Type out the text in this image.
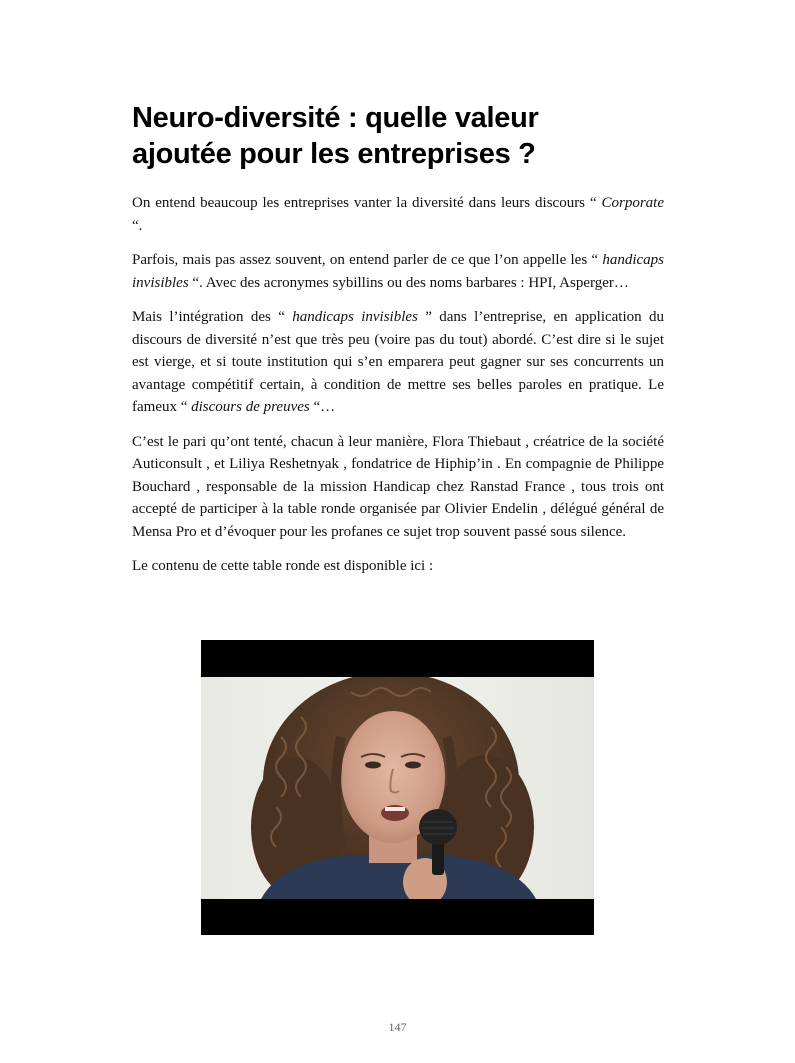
Neuro-diversité : quelle valeur
ajoutée pour les entreprises ?

On entend beaucoup les entreprises vanter la diversité dans leurs discours “ Corporate “.

Parfois, mais pas assez souvent, on entend parler de ce que l’on appelle les “ handicaps invisibles “. Avec des acronymes sybillins ou des noms barbares : HPI, Asperger…

Mais l’intégration des “ handicaps invisibles ” dans l’entreprise, en application du discours de diversité n’est que très peu (voire pas du tout) abordé. C’est dire si le sujet est vierge, et si toute institution qui s’en emparera peut gagner sur ses concurrents un avantage compétitif certain, à condition de mettre ses belles paroles en pratique. Le fameux “ discours de preuves “…

C’est le pari qu’ont tenté, chacun à leur manière, Flora Thiebaut , créatrice de la société Auticonsult , et Liliya Reshetnyak , fondatrice de Hiphip’in . En compagnie de Philippe Bouchard , responsable de la mission Handicap chez Ranstad France , tous trois ont accepté de participer à la table ronde organisée par Olivier Endelin , délégué général de Mensa Pro et d’évoquer pour les profanes ce sujet trop souvent passé sous silence.

Le contenu de cette table ronde est disponible ici :

147
